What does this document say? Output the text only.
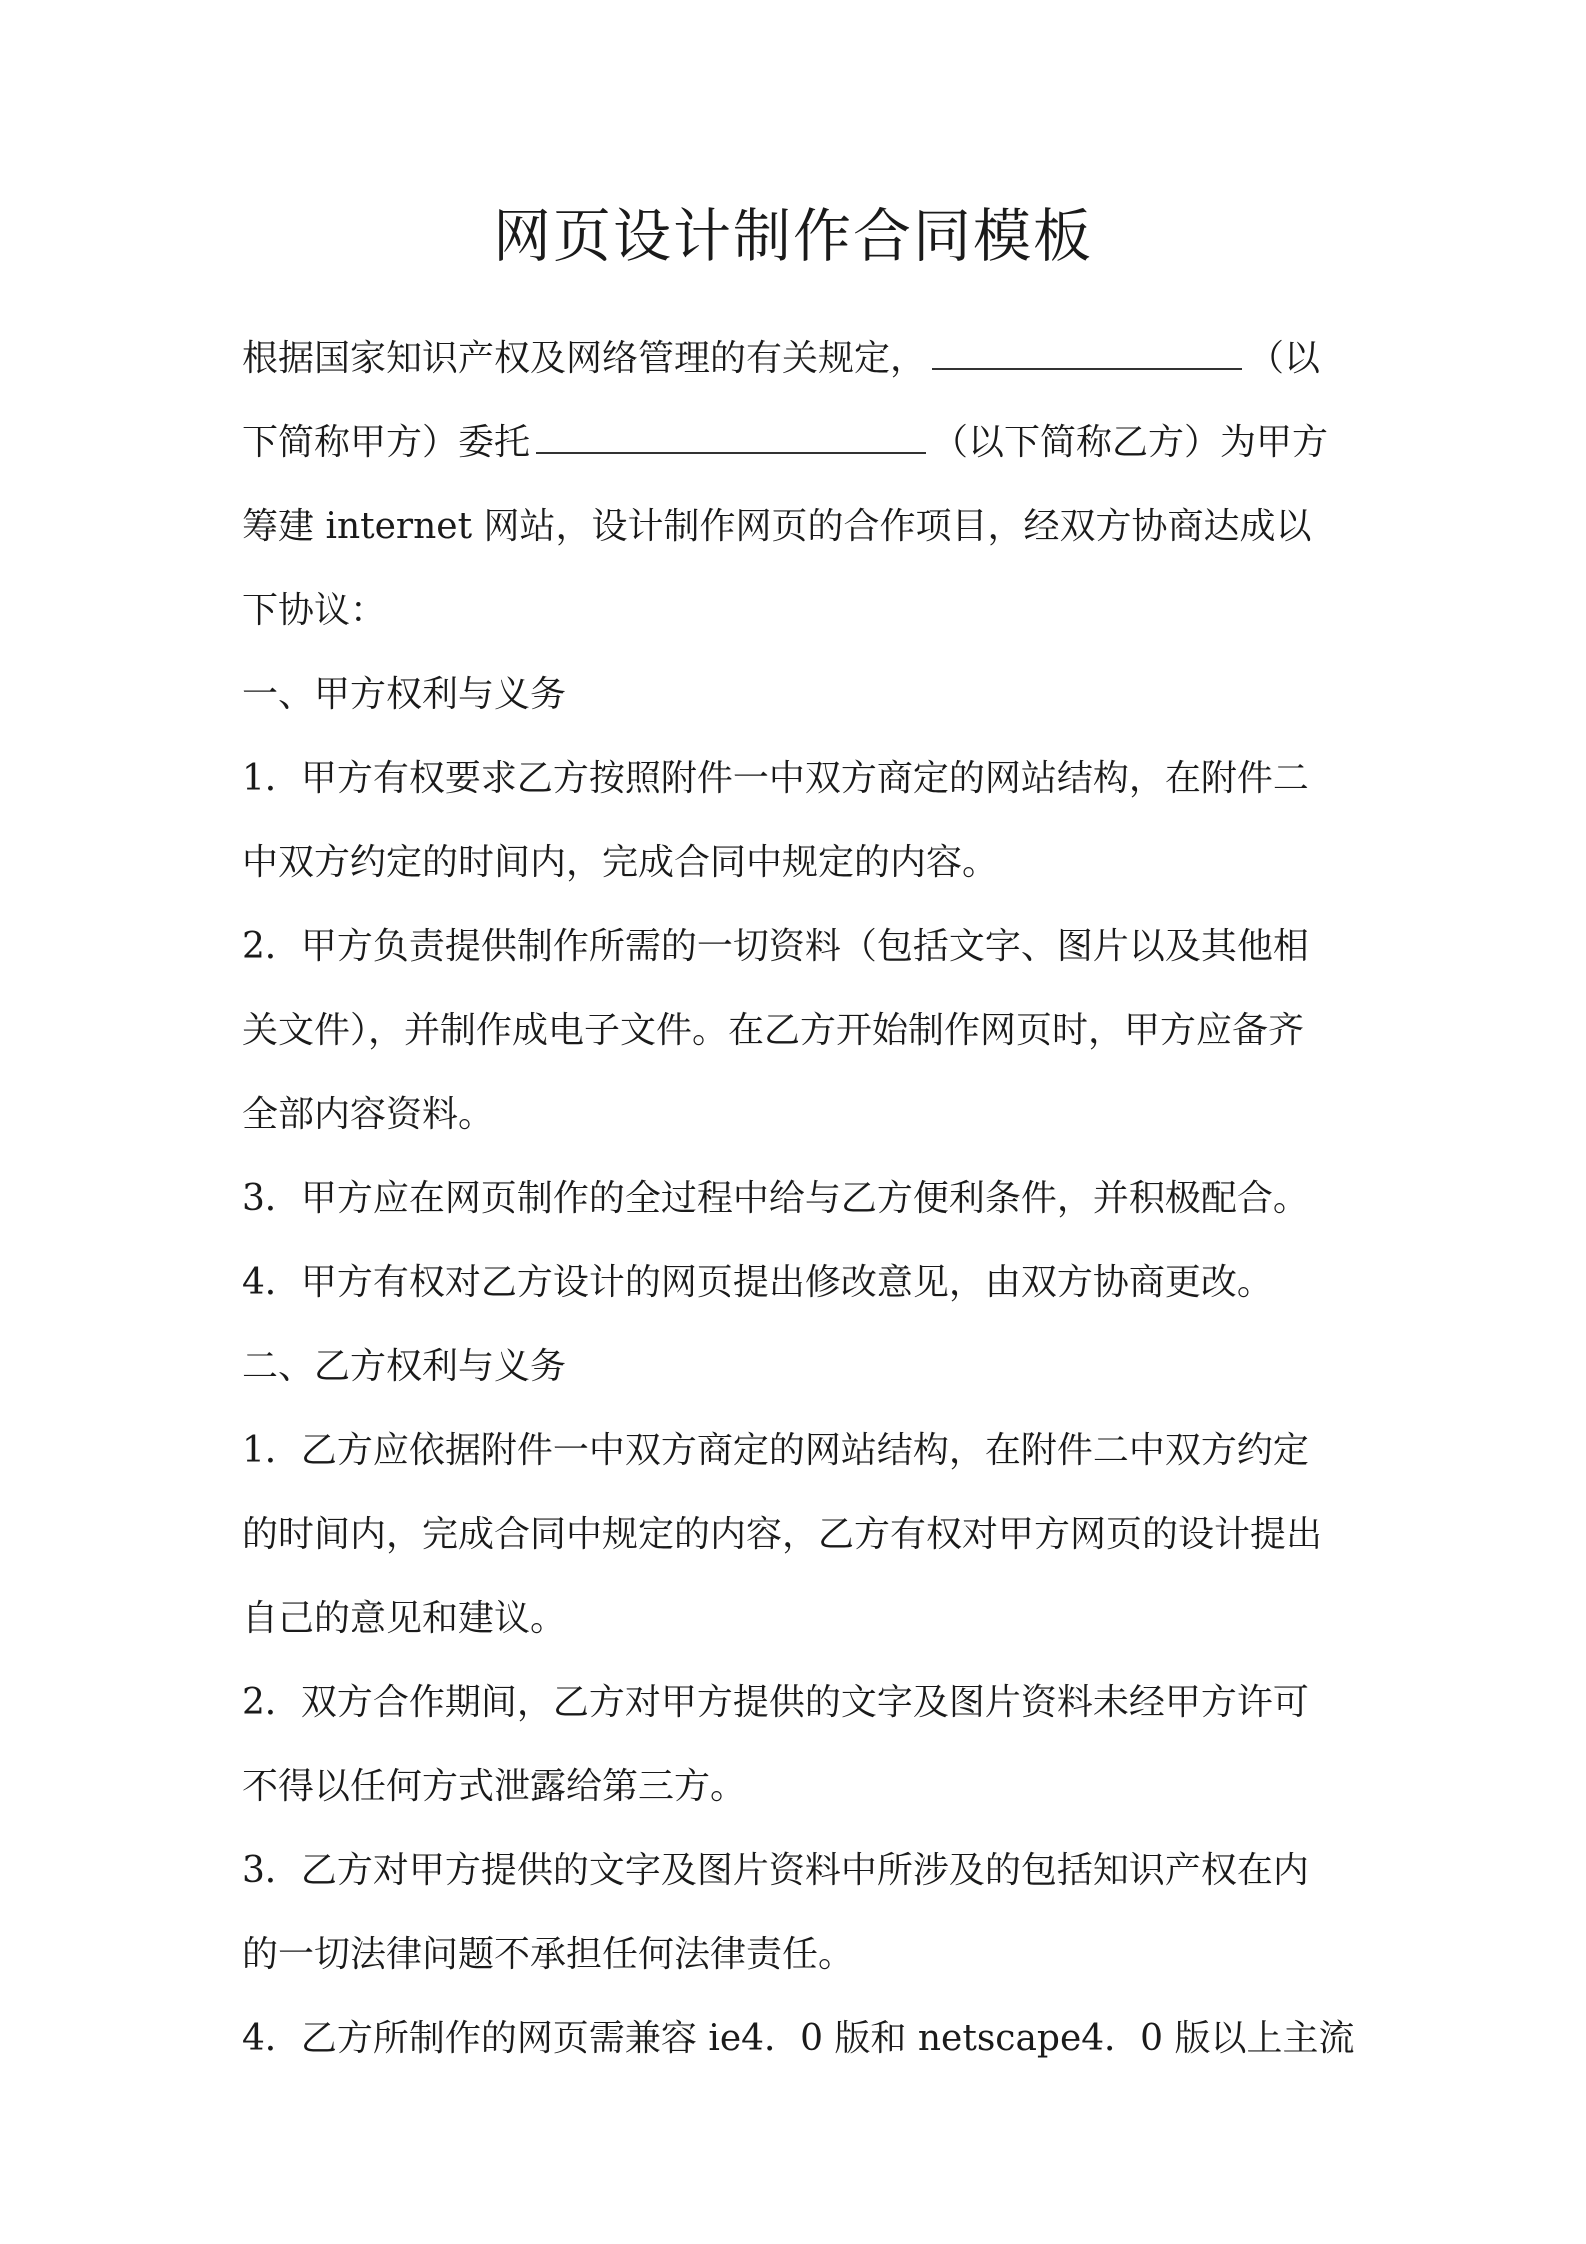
网页设计制作合同模板
根据国家知识产权及网络管理的有关规定，	（以
下简称甲方）委托	（以下简称乙方）为甲方
筹建 internet 网站，设计制作网页的合作项目，经双方协商达成以
下协议：
一、甲方权利与义务
1．甲方有权要求乙方按照附件一中双方商定的网站结构，在附件二
中双方约定的时间内，完成合同中规定的内容。
2．甲方负责提供制作所需的一切资料（包括文字、图片以及其他相
关文件），并制作成电子文件。在乙方开始制作网页时，甲方应备齐
全部内容资料。
3．甲方应在网页制作的全过程中给与乙方便利条件，并积极配合。
4．甲方有权对乙方设计的网页提出修改意见，由双方协商更改。
二、乙方权利与义务
1．乙方应依据附件一中双方商定的网站结构，在附件二中双方约定
的时间内，完成合同中规定的内容，乙方有权对甲方网页的设计提出
自己的意见和建议。
2．双方合作期间，乙方对甲方提供的文字及图片资料未经甲方许可
不得以任何方式泄露给第三方。
3．乙方对甲方提供的文字及图片资料中所涉及的包括知识产权在内
的一切法律问题不承担任何法律责任。
4．乙方所制作的网页需兼容 ie4．0 版和 netscape4．0 版以上主流
